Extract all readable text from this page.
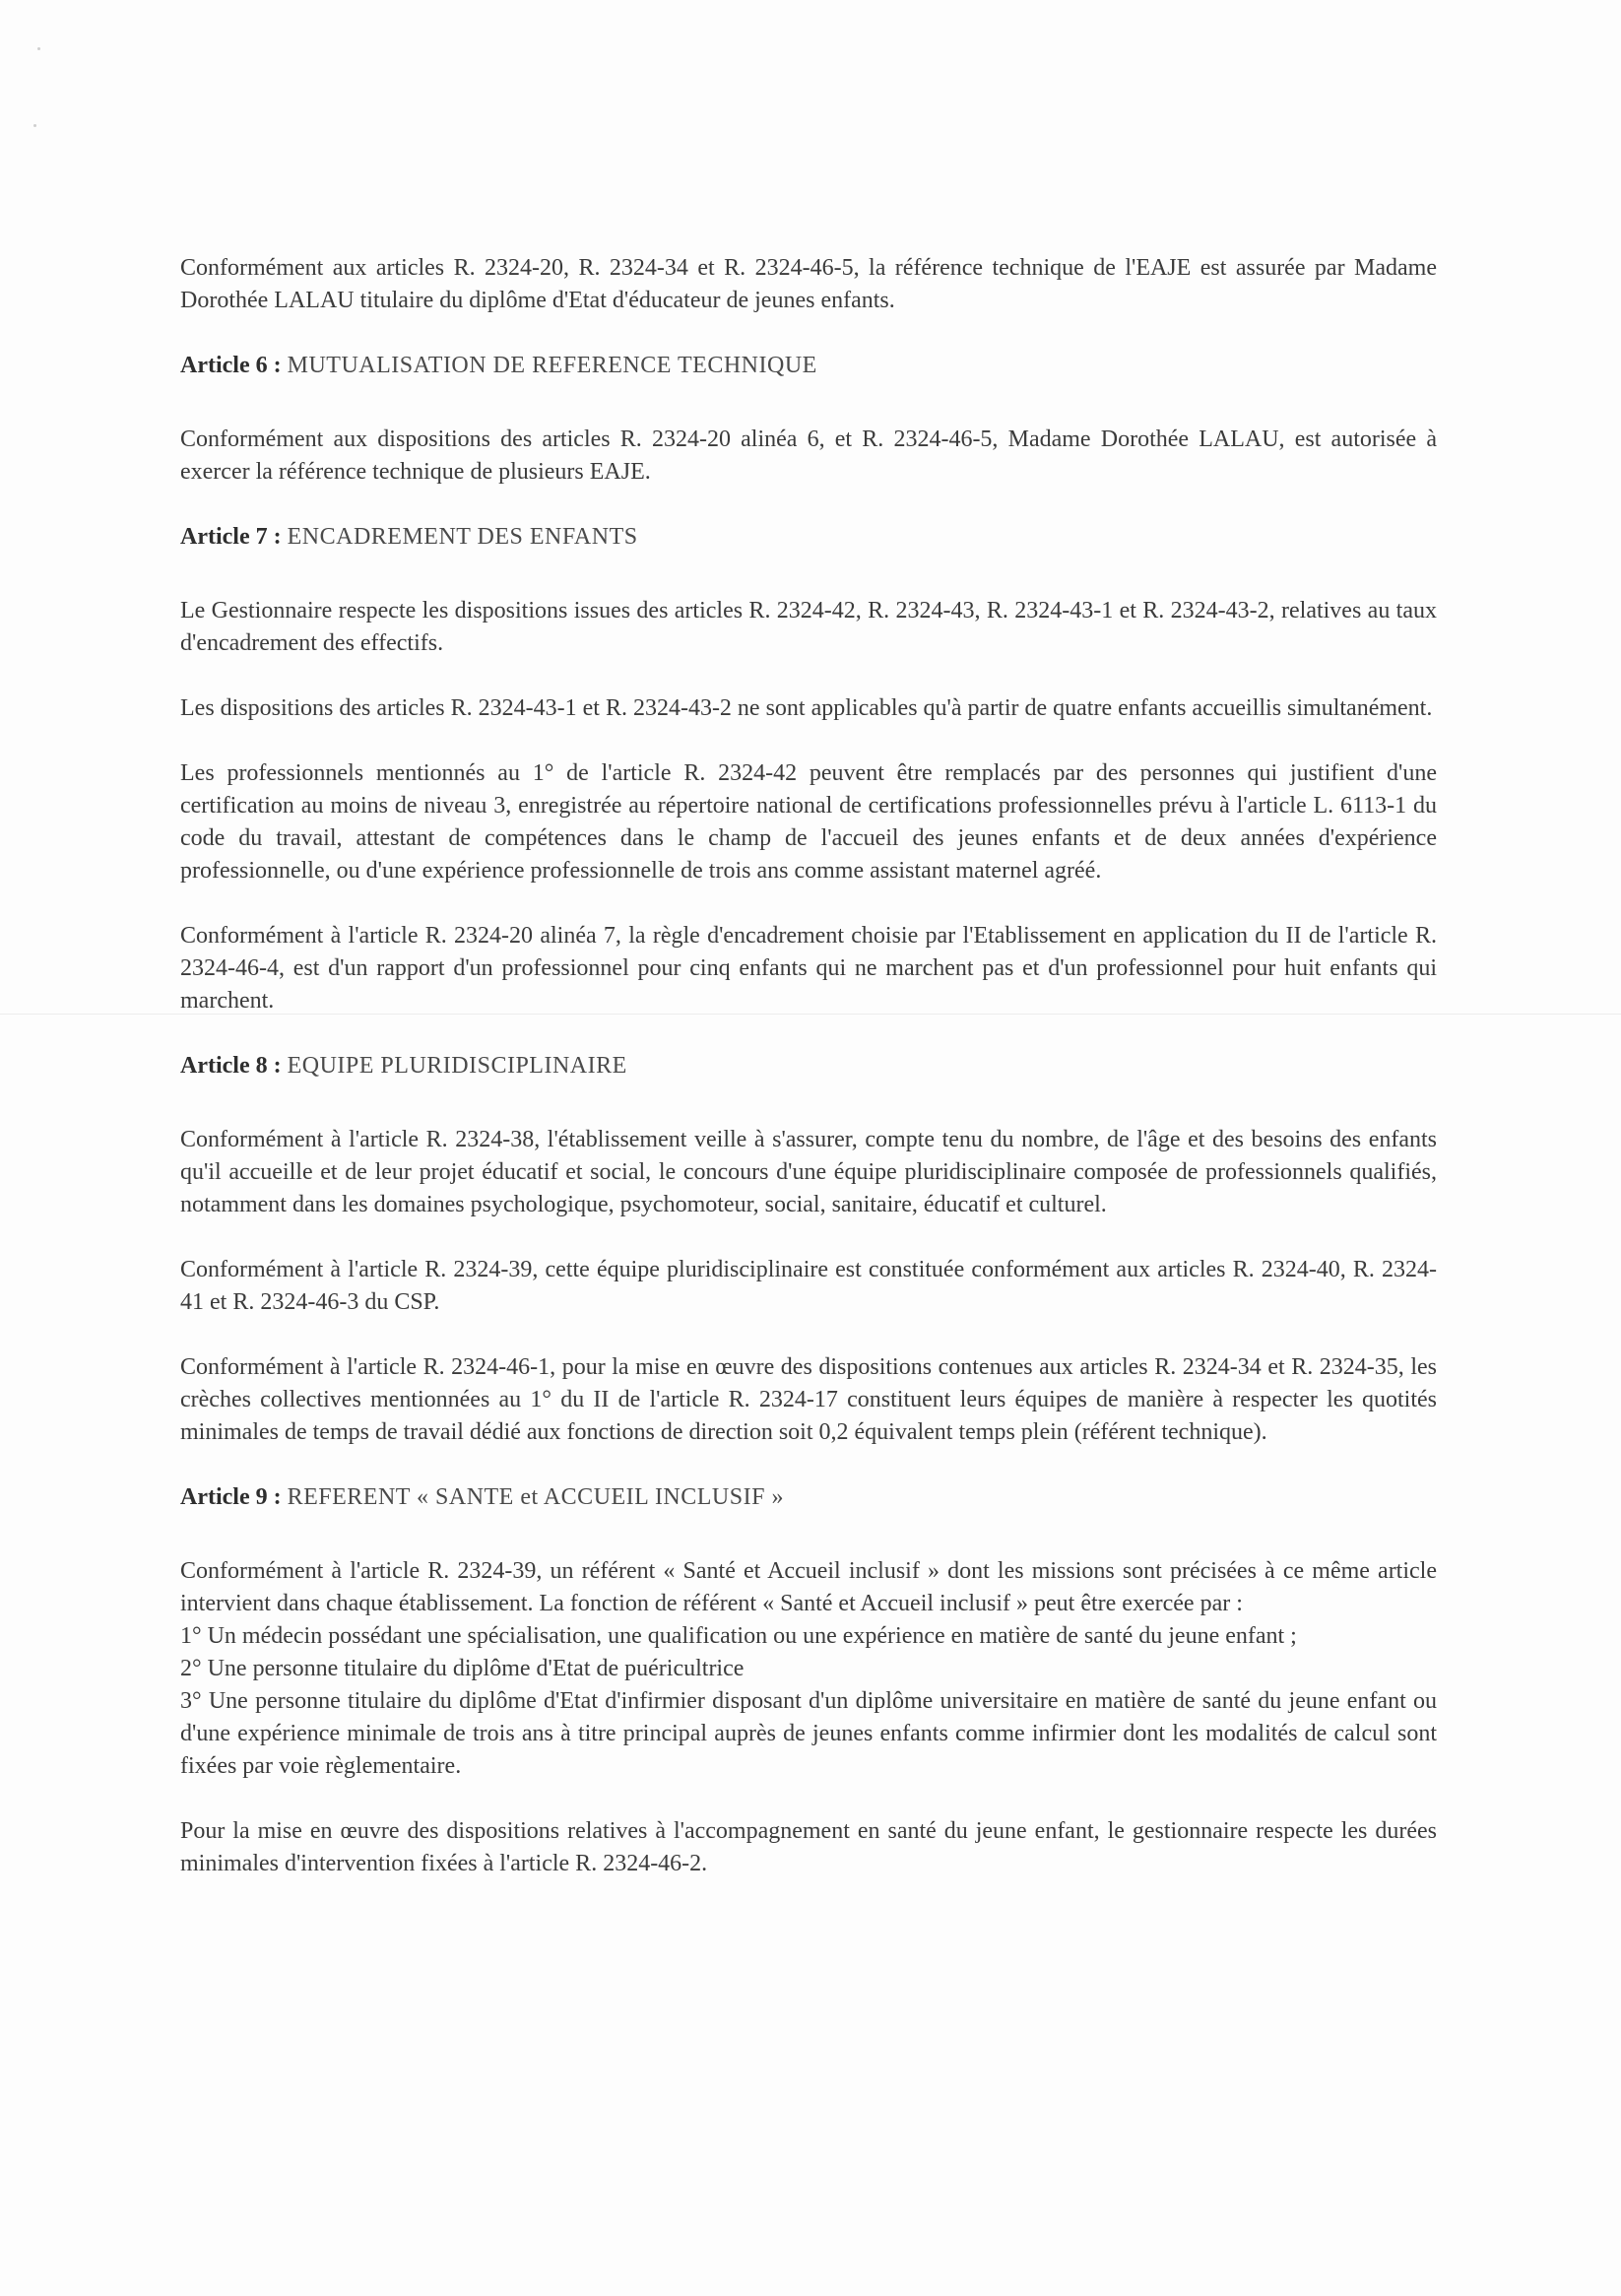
Conformément aux articles R. 2324-20, R. 2324-34 et R. 2324-46-5, la référence technique de l'EAJE est assurée par Madame Dorothée LALAU titulaire du diplôme d'Etat d'éducateur de jeunes enfants.

Article 6 : MUTUALISATION DE REFERENCE TECHNIQUE

Conformément aux dispositions des articles R. 2324-20 alinéa 6, et R. 2324-46-5, Madame Dorothée LALAU, est autorisée à exercer la référence technique de plusieurs EAJE.

Article 7 : ENCADREMENT DES ENFANTS

Le Gestionnaire respecte les dispositions issues des articles R. 2324-42, R. 2324-43, R. 2324-43-1 et R. 2324-43-2, relatives au taux d'encadrement des effectifs.

Les dispositions des articles R. 2324-43-1 et R. 2324-43-2 ne sont applicables qu'à partir de quatre enfants accueillis simultanément.

Les professionnels mentionnés au 1° de l'article R. 2324-42 peuvent être remplacés par des personnes qui justifient d'une certification au moins de niveau 3, enregistrée au répertoire national de certifications professionnelles prévu à l'article L. 6113-1 du code du travail, attestant de compétences dans le champ de l'accueil des jeunes enfants et de deux années d'expérience professionnelle, ou d'une expérience professionnelle de trois ans comme assistant maternel agréé.

Conformément à l'article R. 2324-20 alinéa 7, la règle d'encadrement choisie par l'Etablissement en application du II de l'article R. 2324-46-4, est d'un rapport d'un professionnel pour cinq enfants qui ne marchent pas et d'un professionnel pour huit enfants qui marchent.

Article 8 : EQUIPE PLURIDISCIPLINAIRE

Conformément à l'article R. 2324-38, l'établissement veille à s'assurer, compte tenu du nombre, de l'âge et des besoins des enfants qu'il accueille et de leur projet éducatif et social, le concours d'une équipe pluridisciplinaire composée de professionnels qualifiés, notamment dans les domaines psychologique, psychomoteur, social, sanitaire, éducatif et culturel.

Conformément à l'article R. 2324-39, cette équipe pluridisciplinaire est constituée conformément aux articles R. 2324-40, R. 2324-41 et R. 2324-46-3 du CSP.

Conformément à l'article R. 2324-46-1, pour la mise en œuvre des dispositions contenues aux articles R. 2324-34 et R. 2324-35, les crèches collectives mentionnées au 1° du II de l'article R. 2324-17 constituent leurs équipes de manière à respecter les quotités minimales de temps de travail dédié aux fonctions de direction soit 0,2 équivalent temps plein (référent technique).

Article 9 : REFERENT « SANTE et ACCUEIL INCLUSIF »

Conformément à l'article R. 2324-39, un référent « Santé et Accueil inclusif » dont les missions sont précisées à ce même article intervient dans chaque établissement. La fonction de référent « Santé et Accueil inclusif » peut être exercée par :

1° Un médecin possédant une spécialisation, une qualification ou une expérience en matière de santé du jeune enfant ;

2° Une personne titulaire du diplôme d'Etat de puéricultrice

3° Une personne titulaire du diplôme d'Etat d'infirmier disposant d'un diplôme universitaire en matière de santé du jeune enfant ou d'une expérience minimale de trois ans à titre principal auprès de jeunes enfants comme infirmier dont les modalités de calcul sont fixées par voie règlementaire.

Pour la mise en œuvre des dispositions relatives à l'accompagnement en santé du jeune enfant, le gestionnaire respecte les durées minimales d'intervention fixées à l'article R. 2324-46-2.
